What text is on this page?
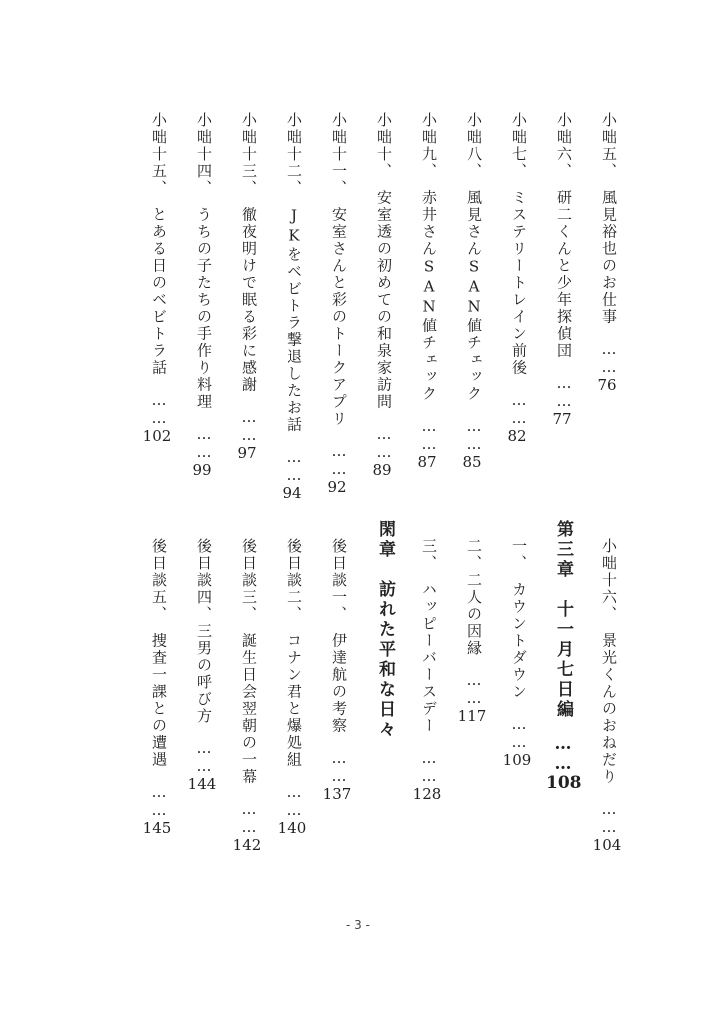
小咄五、　風見裕也のお仕事……76
小咄六、　研二くんと少年探偵団……77
小咄七、　ミステリートレイン前後……82
小咄八、　風見さんSAN値チェック……85
小咄九、　赤井さんSAN値チェック……87
小咄十、　安室透の初めての和泉家訪問……89
小咄十一、　安室さんと彩のトークアプリ……92
小咄十二、　JKをベビトラ撃退したお話……94
小咄十三、　徹夜明けで眠る彩に感謝……97
小咄十四、　うちの子たちの手作り料理……99
小咄十五、　とある日のベビトラ話……102
小咄十六、　景光くんのおねだり……104
第三章　十一月七日編……108
一、　カウントダウン……109
二、二人の因縁……117
三、　ハッピーバースデー……128
閑章　訪れた平和な日々
後日談一、　伊達航の考察……137
後日談二、　コナン君と爆処組……140
後日談三、　誕生日会翌朝の一幕……142
後日談四、三男の呼び方……144
後日談五、　捜査一課との遭遇……145
- 3 -
